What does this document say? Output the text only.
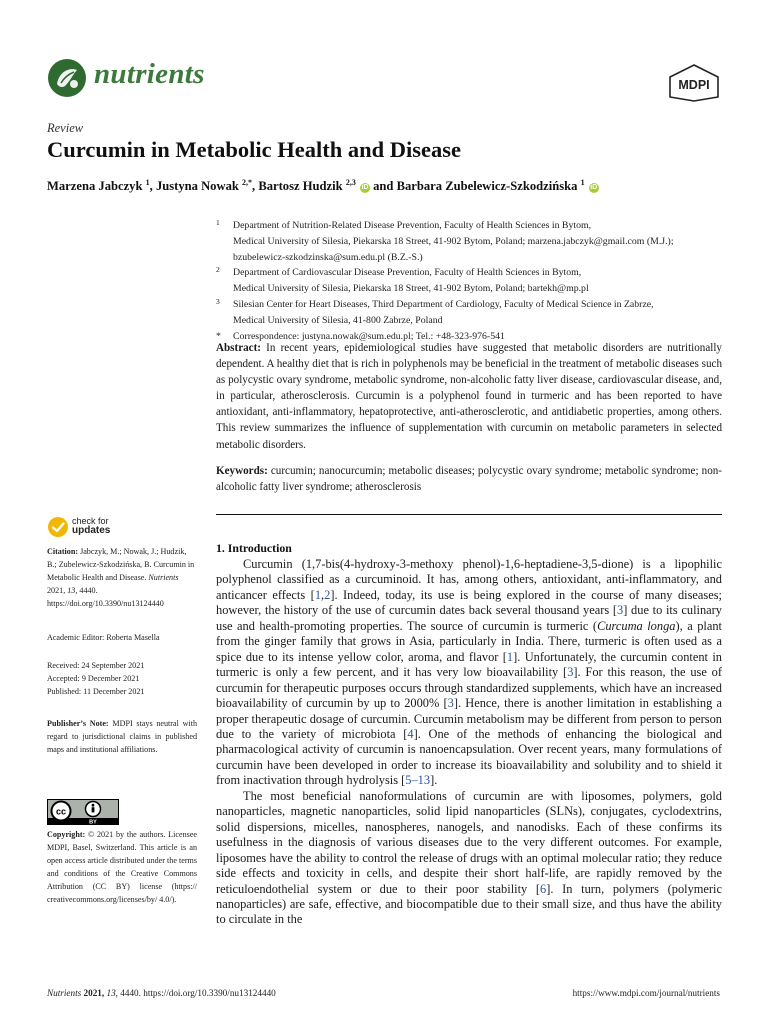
nutrients	MDPI
Review
Curcumin in Metabolic Health and Disease
Marzena Jabczyk $^1$, Justyna Nowak $^{2,*}$, Bartosz Hudzik $^{2,3}$ iD and Barbara Zubelewicz-Szkodzińska $^1$ iD
1 Department of Nutrition-Related Disease Prevention, Faculty of Health Sciences in Bytom,
Medical University of Silesia, Piekarska 18 Street, 41-902 Bytom, Poland; marzena.jabczyk@gmail.com (M.J.);
bzubelewicz-szkodzinska@sum.edu.pl (B.Z.-S.)
2 Department of Cardiovascular Disease Prevention, Faculty of Health Sciences in Bytom,
Medical University of Silesia, Piekarska 18 Street, 41-902 Bytom, Poland; bartekh@mp.pl
3 Silesian Center for Heart Diseases, Third Department of Cardiology, Faculty of Medical Science in Zabrze,
Medical University of Silesia, 41-800 Zabrze, Poland
* Correspondence: justyna.nowak@sum.edu.pl; Tel.: +48-323-976-541
Abstract: In recent years, epidemiological studies have suggested that metabolic disorders are nutritionally dependent. A healthy diet that is rich in polyphenols may be beneficial in the treatment of metabolic diseases such as polycystic ovary syndrome, metabolic syndrome, non-alcoholic fatty liver disease, cardiovascular disease, and, in particular, atherosclerosis. Curcumin is a polyphenol found in turmeric and has been reported to have antioxidant, anti-inflammatory, hepatoprotective, anti-atherosclerotic, and antidiabetic properties, among others. This review summarizes the influence of supplementation with curcumin on metabolic parameters in selected metabolic disorders.
Keywords: curcumin; nanocurcumin; metabolic diseases; polycystic ovary syndrome; metabolic syndrome; non-alcoholic fatty liver syndrome; atherosclerosis
check for
updates
Citation: Jabczyk, M.; Nowak, J.; Hudzik, B.; Zubelewicz-Szkodzińska, B. Curcumin in Metabolic Health and Disease. Nutrients 2021, 13, 4440. https://doi.org/10.3390/nu13124440
Academic Editor: Roberta Masella
Received: 24 September 2021
Accepted: 9 December 2021
Published: 11 December 2021
Publisher’s Note: MDPI stays neutral with regard to jurisdictional claims in published maps and institutional affiliations.
cc
BY
Copyright: © 2021 by the authors. Licensee MDPI, Basel, Switzerland. This article is an open access article distributed under the terms and conditions of the Creative Commons Attribution (CC BY) license (https:// creativecommons.org/licenses/by/ 4.0/).
1. Introduction

Curcumin (1,7-bis(4-hydroxy-3-methoxy phenol)-1,6-heptadiene-3,5-dione) is a lipophilic polyphenol classified as a curcuminoid. It has, among others, antioxidant, anti-inflammatory, and anticancer effects [1,2]. Indeed, today, its use is being explored in the course of many diseases; however, the history of the use of curcumin dates back several thousand years [3] due to its culinary use and health-promoting properties. The source of curcumin is turmeric (Curcuma longa), a plant from the ginger family that grows in Asia, particularly in India. There, turmeric is often used as a spice due to its intense yellow color, aroma, and flavor [1]. Unfortunately, the curcumin content in turmeric is only a few percent, and it has very low bioavailability [3]. For this reason, the use of curcumin for therapeutic purposes occurs through standardized supplements, which have an increased bioavailability of curcumin by up to 2000% [3]. Hence, there is another limitation in establishing a proper therapeutic dosage of curcumin. Curcumin metabolism may be different from person to person due to the variety of microbiota [4]. One of the methods of enhancing the biological and pharmacological activity of curcumin is nanoencapsulation. Over recent years, many formulations of curcumin have been developed in order to increase its bioavailability and solubility and to shield it from inactivation through hydrolysis [5–13].

The most beneficial nanoformulations of curcumin are with liposomes, polymers, gold nanoparticles, magnetic nanoparticles, solid lipid nanoparticles (SLNs), conjugates, cyclodextrins, solid dispersions, micelles, nanospheres, nanogels, and nanodisks. Each of these confirms its usefulness in the diagnosis of various diseases due to the very different outcomes. For example, liposomes have the ability to control the release of drugs with an optimal molecular ratio; they reduce side effects and toxicity in cells, and despite their short half-life, are rapidly removed by the reticuloendothelial system or due to their poor stability [6]. In turn, polymers (polymeric nanoparticles) are safe, effective, and biocompatible due to their small size, and thus have the ability to circulate in the

Nutrients 2021, 13, 4440. https://doi.org/10.3390/nu13124440	https://www.mdpi.com/journal/nutrients
